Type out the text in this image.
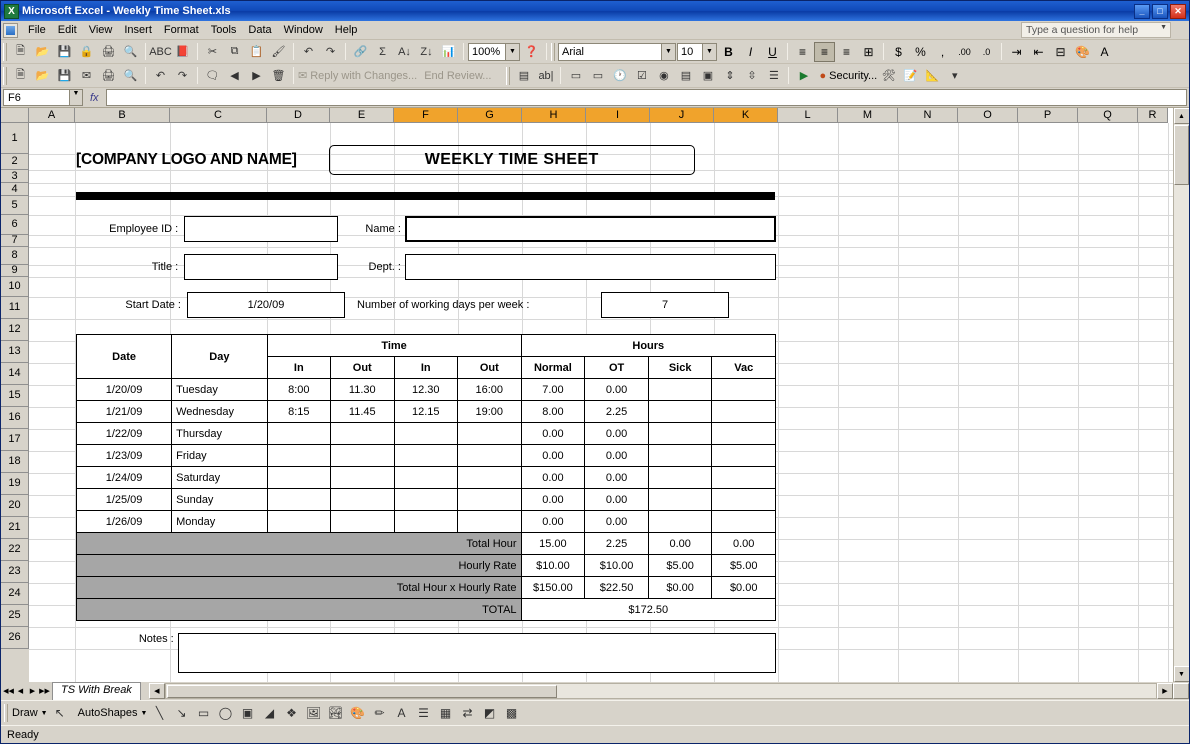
X Microsoft Excel - Weekly Time Sheet.xls	_	□	✕
File	Edit	View	Insert	Format	Tools	Data	Window	Help	Type a question for help ▼
🗎 📂 💾 🔒 🖨 🔍	ABC 📕	✂	⧉	📋 🖌	↶	↷	🔗	Σ	A↓ Z↓ 📊	100%	▼ ❓	Arial	▼ 10	▼ B	I	U	≡	≡	≡	⊞	$	%	,	.00	.0	⇥ ⇤ ⊟ 🎨 A
🗎 📂 💾 ✉ 🖨 🔍	↶	↷	🗨 ◀	▶ 🗑	✉ Reply with Changes... End Review...	▤ ab|	▭	▭ 🕐 ☑	◉	▤	▣	⇕	⇳	☰	▶	● Security... 🛠 📝 📐	▾
F6	▼ fx
A	B	C	D	E	F	G	H	I	J	K	L	M	N	O	P	Q	R
1
2
3
4
5
6
7
8
9
10
11
12
13
14
15
16
17
18
19
20
21
22
23
24
25
26
[COMPANY LOGO AND NAME]	WEEKLY TIME SHEET
Employee ID :	Name :
Title :	Dept. :
Start Date :	1/20/09	Number of working days per week :	7
Date	Day	Time				Hours			
		In	Out	In	Out	Normal	OT	Sick	Vac
1/20/09	Tuesday	8:00	11.30	12.30	16:00	7.00	0.00		
1/21/09	Wednesday	8:15	11.45	12.15	19:00	8.00	2.25		
1/22/09	Thursday					0.00	0.00		
1/23/09	Friday					0.00	0.00		
1/24/09	Saturday					0.00	0.00		
1/25/09	Sunday					0.00	0.00		
1/26/09	Monday					0.00	0.00		
Total Hour						15.00	2.25	0.00	0.00
Hourly Rate						$10.00	$10.00	$5.00	$5.00
Total Hour x Hourly Rate						$150.00	$22.50	$0.00	$0.00
TOTAL						$172.50			
Notes :
▲
▼
◀◀ ◀ ▶ ▶▶	TS With Break	◀	▶
Draw ▼ ↖	AutoShapes ▼ ╲	↘ ▭ ◯ ▣ ◢	❖ 🖼 🏞 🎨 ✏	A	☰ ▦ ⇄ ◩ ▩
Ready
